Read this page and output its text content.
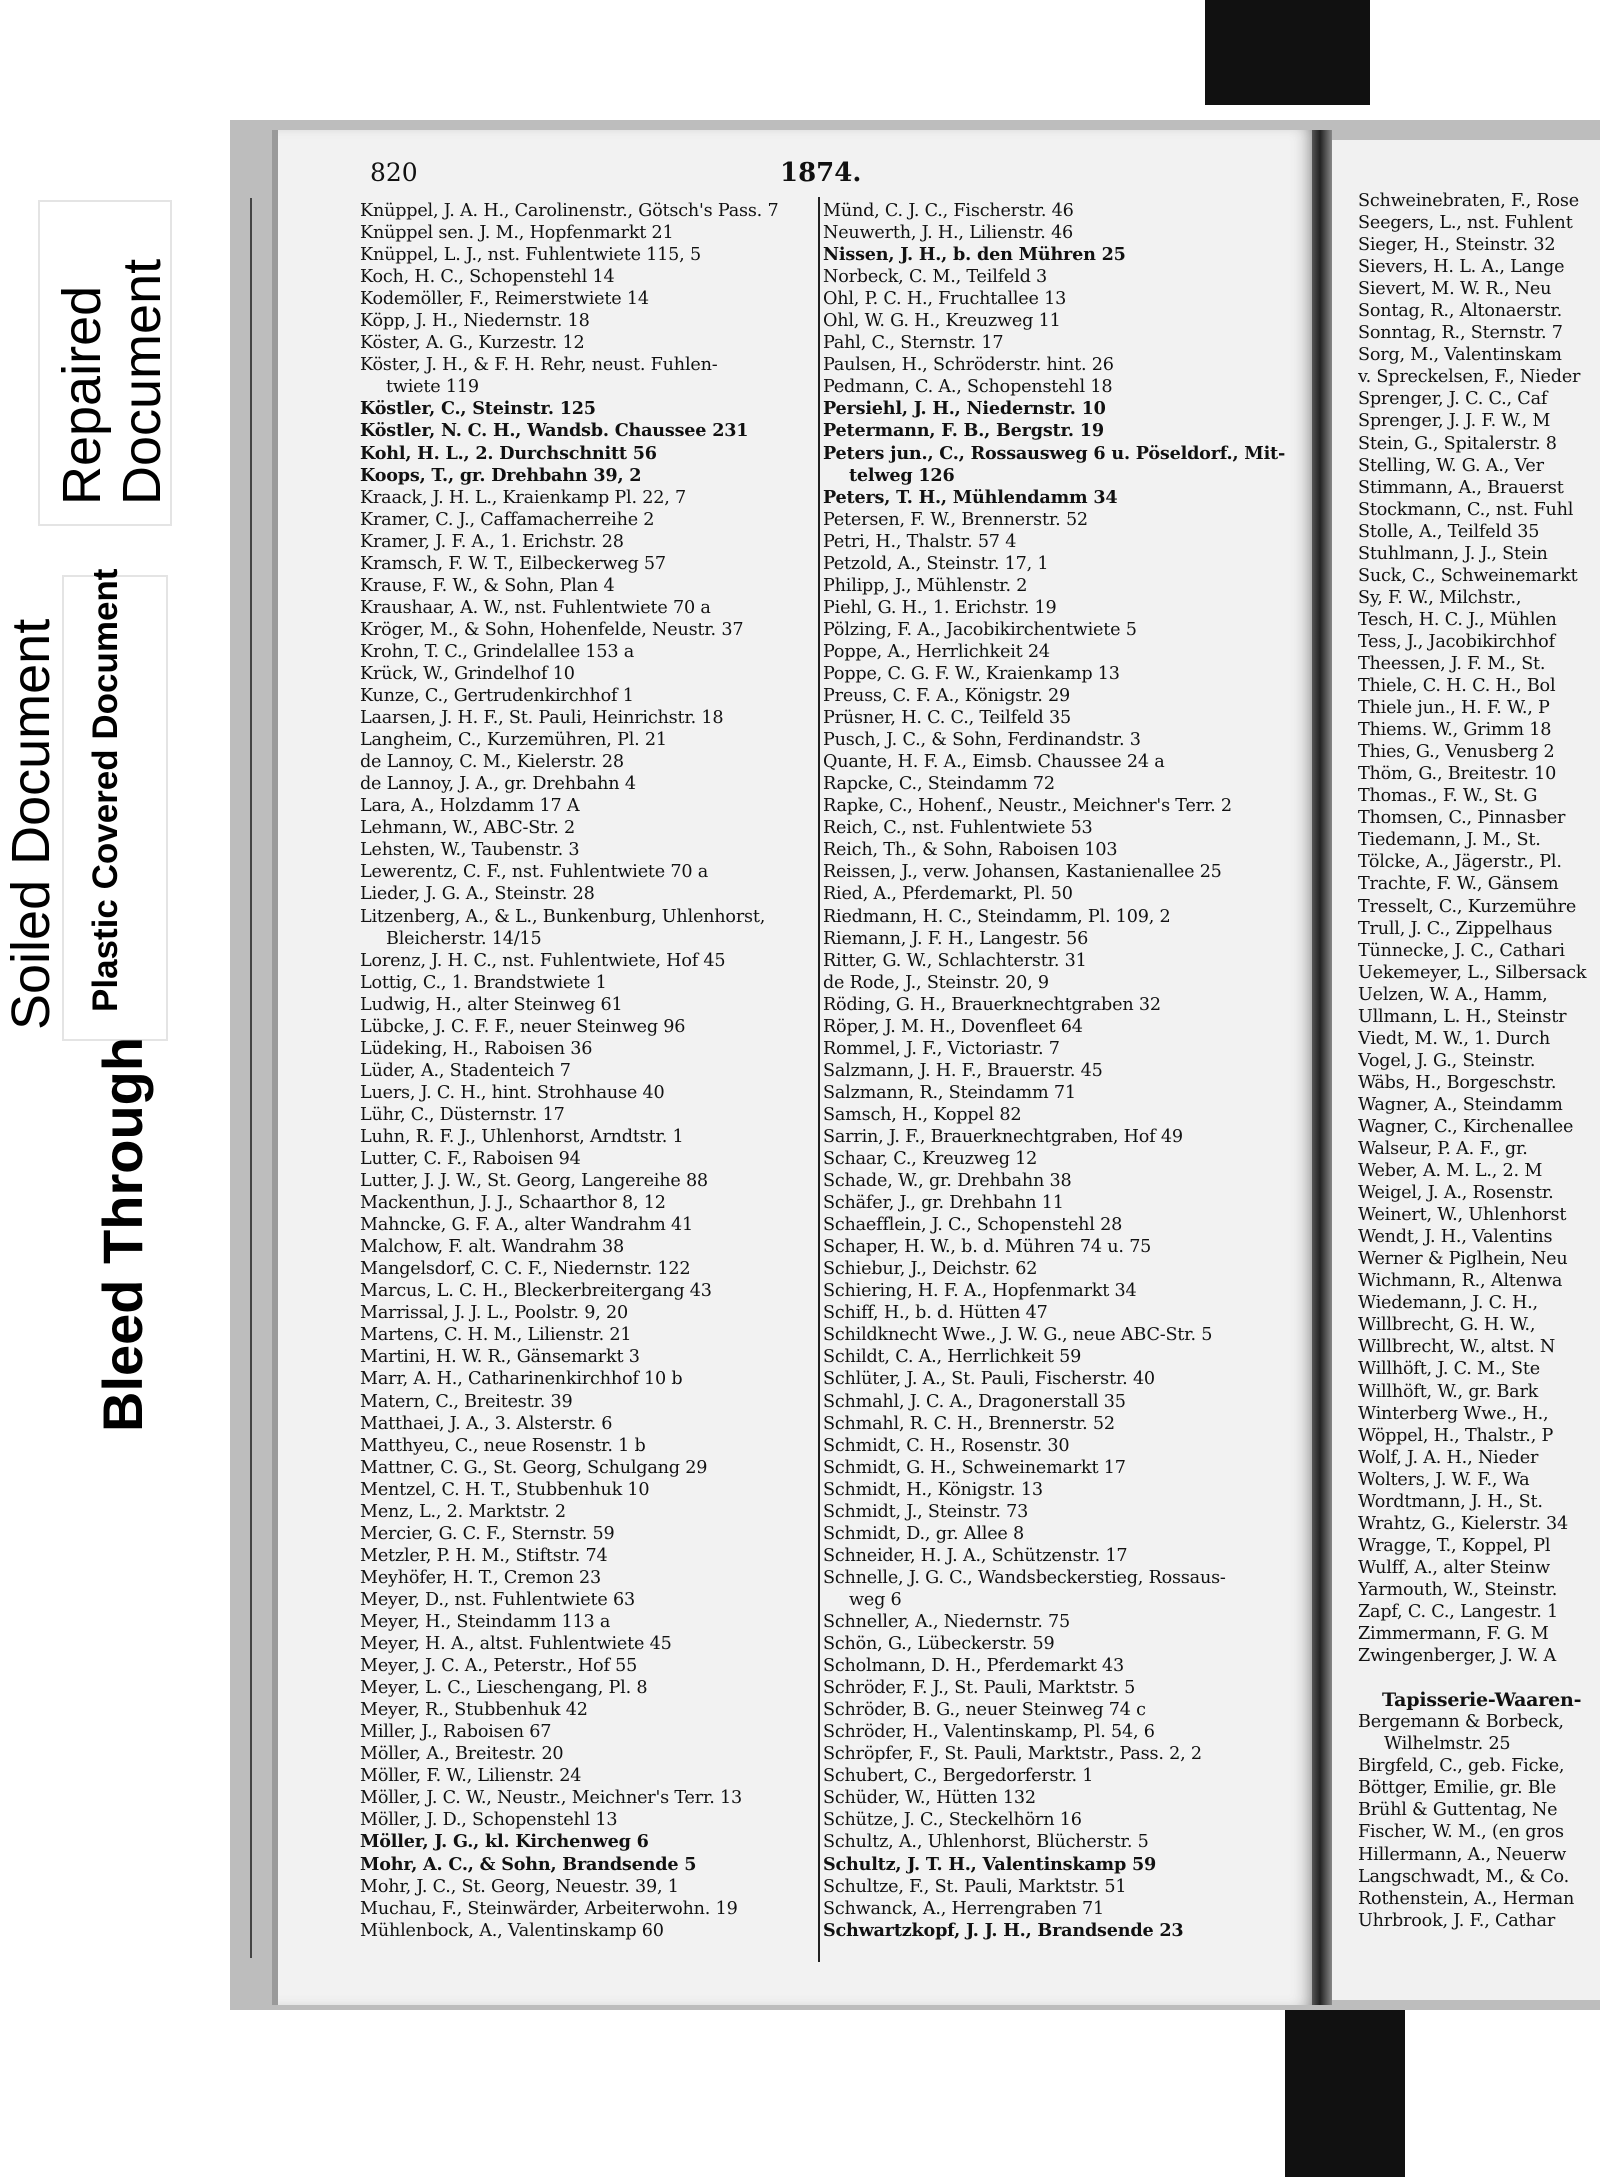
Repaired Document
Soiled Document Plastic Covered Document
Bleed Through
820	1874.
Knüppel, J. A. H., Carolinenstr., Götsch's Pass. 7
Knüppel sen. J. M., Hopfenmarkt 21
Knüppel, L. J., nst. Fuhlentwiete 115, 5
Koch, H. C., Schopenstehl 14
Kodemöller, F., Reimerstwiete 14
Köpp, J. H., Niedernstr. 18
Köster, A. G., Kurzestr. 12
Köster, J. H., & F. H. Rehr, neust. Fuhlen-
twiete 119
Köstler, C., Steinstr. 125
Köstler, N. C. H., Wandsb. Chaussee 231
Kohl, H. L., 2. Durchschnitt 56
Koops, T., gr. Drehbahn 39, 2
Kraack, J. H. L., Kraienkamp Pl. 22, 7
Kramer, C. J., Caffamacherreihe 2
Kramer, J. F. A., 1. Erichstr. 28
Kramsch, F. W. T., Eilbeckerweg 57
Krause, F. W., & Sohn, Plan 4
Kraushaar, A. W., nst. Fuhlentwiete 70 a
Kröger, M., & Sohn, Hohenfelde, Neustr. 37
Krohn, T. C., Grindelallee 153 a
Krück, W., Grindelhof 10
Kunze, C., Gertrudenkirchhof 1
Laarsen, J. H. F., St. Pauli, Heinrichstr. 18
Langheim, C., Kurzemühren, Pl. 21
de Lannoy, C. M., Kielerstr. 28
de Lannoy, J. A., gr. Drehbahn 4
Lara, A., Holzdamm 17 A
Lehmann, W., ABC-Str. 2
Lehsten, W., Taubenstr. 3
Lewerentz, C. F., nst. Fuhlentwiete 70 a
Lieder, J. G. A., Steinstr. 28
Litzenberg, A., & L., Bunkenburg, Uhlenhorst,
Bleicherstr. 14/15
Lorenz, J. H. C., nst. Fuhlentwiete, Hof 45
Lottig, C., 1. Brandstwiete 1
Ludwig, H., alter Steinweg 61
Lübcke, J. C. F. F., neuer Steinweg 96
Lüdeking, H., Raboisen 36
Lüder, A., Stadenteich 7
Luers, J. C. H., hint. Strohhause 40
Lühr, C., Düsternstr. 17
Luhn, R. F. J., Uhlenhorst, Arndtstr. 1
Lutter, C. F., Raboisen 94
Lutter, J. J. W., St. Georg, Langereihe 88
Mackenthun, J. J., Schaarthor 8, 12
Mahncke, G. F. A., alter Wandrahm 41
Malchow, F. alt. Wandrahm 38
Mangelsdorf, C. C. F., Niedernstr. 122
Marcus, L. C. H., Bleckerbreitergang 43
Marrissal, J. J. L., Poolstr. 9, 20
Martens, C. H. M., Lilienstr. 21
Martini, H. W. R., Gänsemarkt 3
Marr, A. H., Catharinenkirchhof 10 b
Matern, C., Breitestr. 39
Matthaei, J. A., 3. Alsterstr. 6
Matthyeu, C., neue Rosenstr. 1 b
Mattner, C. G., St. Georg, Schulgang 29
Mentzel, C. H. T., Stubbenhuk 10
Menz, L., 2. Marktstr. 2
Mercier, G. C. F., Sternstr. 59
Metzler, P. H. M., Stiftstr. 74
Meyhöfer, H. T., Cremon 23
Meyer, D., nst. Fuhlentwiete 63
Meyer, H., Steindamm 113 a
Meyer, H. A., altst. Fuhlentwiete 45
Meyer, J. C. A., Peterstr., Hof 55
Meyer, L. C., Lieschengang, Pl. 8
Meyer, R., Stubbenhuk 42
Miller, J., Raboisen 67
Möller, A., Breitestr. 20
Möller, F. W., Lilienstr. 24
Möller, J. C. W., Neustr., Meichner's Terr. 13
Möller, J. D., Schopenstehl 13
Möller, J. G., kl. Kirchenweg 6
Mohr, A. C., & Sohn, Brandsende 5
Mohr, J. C., St. Georg, Neuestr. 39, 1
Muchau, F., Steinwärder, Arbeiterwohn. 19
Mühlenbock, A., Valentinskamp 60
Münd, C. J. C., Fischerstr. 46
Neuwerth, J. H., Lilienstr. 46
Nissen, J. H., b. den Mühren 25
Norbeck, C. M., Teilfeld 3
Ohl, P. C. H., Fruchtallee 13
Ohl, W. G. H., Kreuzweg 11
Pahl, C., Sternstr. 17
Paulsen, H., Schröderstr. hint. 26
Pedmann, C. A., Schopenstehl 18
Persiehl, J. H., Niedernstr. 10
Petermann, F. B., Bergstr. 19
Peters jun., C., Rossausweg 6 u. Pöseldorf., Mit-
telweg 126
Peters, T. H., Mühlendamm 34
Petersen, F. W., Brennerstr. 52
Petri, H., Thalstr. 57 4
Petzold, A., Steinstr. 17, 1
Philipp, J., Mühlenstr. 2
Piehl, G. H., 1. Erichstr. 19
Pölzing, F. A., Jacobikirchentwiete 5
Poppe, A., Herrlichkeit 24
Poppe, C. G. F. W., Kraienkamp 13
Preuss, C. F. A., Königstr. 29
Prüsner, H. C. C., Teilfeld 35
Pusch, J. C., & Sohn, Ferdinandstr. 3
Quante, H. F. A., Eimsb. Chaussee 24 a
Rapcke, C., Steindamm 72
Rapke, C., Hohenf., Neustr., Meichner's Terr. 2
Reich, C., nst. Fuhlentwiete 53
Reich, Th., & Sohn, Raboisen 103
Reissen, J., verw. Johansen, Kastanienallee 25
Ried, A., Pferdemarkt, Pl. 50
Riedmann, H. C., Steindamm, Pl. 109, 2
Riemann, J. F. H., Langestr. 56
Ritter, G. W., Schlachterstr. 31
de Rode, J., Steinstr. 20, 9
Röding, G. H., Brauerknechtgraben 32
Röper, J. M. H., Dovenfleet 64
Rommel, J. F., Victoriastr. 7
Salzmann, J. H. F., Brauerstr. 45
Salzmann, R., Steindamm 71
Samsch, H., Koppel 82
Sarrin, J. F., Brauerknechtgraben, Hof 49
Schaar, C., Kreuzweg 12
Schade, W., gr. Drehbahn 38
Schäfer, J., gr. Drehbahn 11
Schaefflein, J. C., Schopenstehl 28
Schaper, H. W., b. d. Mühren 74 u. 75
Schiebur, J., Deichstr. 62
Schiering, H. F. A., Hopfenmarkt 34
Schiff, H., b. d. Hütten 47
Schildknecht Wwe., J. W. G., neue ABC-Str. 5
Schildt, C. A., Herrlichkeit 59
Schlüter, J. A., St. Pauli, Fischerstr. 40
Schmahl, J. C. A., Dragonerstall 35
Schmahl, R. C. H., Brennerstr. 52
Schmidt, C. H., Rosenstr. 30
Schmidt, G. H., Schweinemarkt 17
Schmidt, H., Königstr. 13
Schmidt, J., Steinstr. 73
Schmidt, D., gr. Allee 8
Schneider, H. J. A., Schützenstr. 17
Schnelle, J. G. C., Wandsbeckerstieg, Rossaus-
weg 6
Schneller, A., Niedernstr. 75
Schön, G., Lübeckerstr. 59
Scholmann, D. H., Pferdemarkt 43
Schröder, F. J., St. Pauli, Marktstr. 5
Schröder, B. G., neuer Steinweg 74 c
Schröder, H., Valentinskamp, Pl. 54, 6
Schröpfer, F., St. Pauli, Marktstr., Pass. 2, 2
Schubert, C., Bergedorferstr. 1
Schüder, W., Hütten 132
Schütze, J. C., Steckelhörn 16
Schultz, A., Uhlenhorst, Blücherstr. 5
Schultz, J. T. H., Valentinskamp 59
Schultze, F., St. Pauli, Marktstr. 51
Schwanck, A., Herrengraben 71
Schwartzkopf, J. J. H., Brandsende 23
Schweinebraten, F., Rose
Seegers, L., nst. Fuhlent
Sieger, H., Steinstr. 32
Sievers, H. L. A., Lange
Sievert, M. W. R., Neu
Sontag, R., Altonaerstr.
Sonntag, R., Sternstr. 7
Sorg, M., Valentinskam
v. Spreckelsen, F., Nieder
Sprenger, J. C. C., Caf
Sprenger, J. J. F. W., M
Stein, G., Spitalerstr. 8
Stelling, W. G. A., Ver
Stimmann, A., Brauerst
Stockmann, C., nst. Fuhl
Stolle, A., Teilfeld 35
Stuhlmann, J. J., Stein
Suck, C., Schweinemarkt
Sy, F. W., Milchstr.,
Tesch, H. C. J., Mühlen
Tess, J., Jacobikirchhof
Theessen, J. F. M., St.
Thiele, C. H. C. H., Bol
Thiele jun., H. F. W., P
Thiems. W., Grimm 18
Thies, G., Venusberg 2
Thöm, G., Breitestr. 10
Thomas., F. W., St. G
Thomsen, C., Pinnasber
Tiedemann, J. M., St.
Tölcke, A., Jägerstr., Pl.
Trachte, F. W., Gänsem
Tresselt, C., Kurzemühre
Trull, J. C., Zippelhaus
Tünnecke, J. C., Cathari
Uekemeyer, L., Silbersack
Uelzen, W. A., Hamm,
Ullmann, L. H., Steinstr
Viedt, M. W., 1. Durch
Vogel, J. G., Steinstr.
Wäbs, H., Borgeschstr.
Wagner, A., Steindamm
Wagner, C., Kirchenallee
Walseur, P. A. F., gr.
Weber, A. M. L., 2. M
Weigel, J. A., Rosenstr.
Weinert, W., Uhlenhorst
Wendt, J. H., Valentins
Werner & Piglhein, Neu
Wichmann, R., Altenwa
Wiedemann, J. C. H.,
Willbrecht, G. H. W.,
Willbrecht, W., altst. N
Willhöft, J. C. M., Ste
Willhöft, W., gr. Bark
Winterberg Wwe., H.,
Wöppel, H., Thalstr., P
Wolf, J. A. H., Nieder
Wolters, J. W. F., Wa
Wordtmann, J. H., St.
Wrahtz, G., Kielerstr. 34
Wragge, T., Koppel, Pl
Wulff, A., alter Steinw
Yarmouth, W., Steinstr.
Zapf, C. C., Langestr. 1
Zimmermann, F. G. M
Zwingenberger, J. W. A
Tapisserie-Waaren-
Bergemann & Borbeck,
Wilhelmstr. 25
Birgfeld, C., geb. Ficke,
Böttger, Emilie, gr. Ble
Brühl & Guttentag, Ne
Fischer, W. M., (en gros
Hillermann, A., Neuerw
Langschwadt, M., & Co.
Rothenstein, A., Herman
Uhrbrook, J. F., Cathar
